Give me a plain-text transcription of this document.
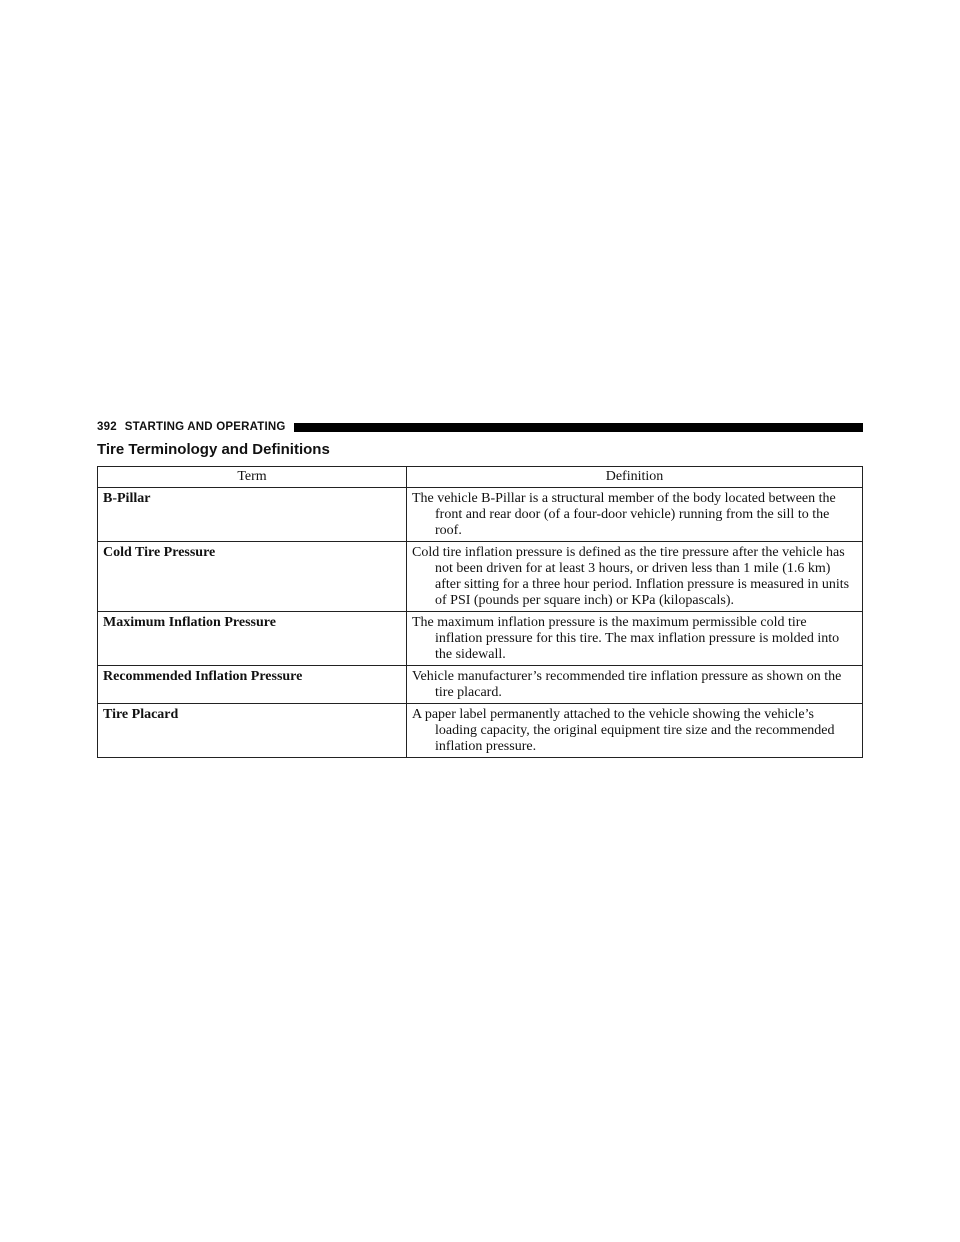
392 STARTING AND OPERATING
Tire Terminology and Definitions
Term	Definition
B-Pillar	The vehicle B-Pillar is a structural member of the body located between the front and rear door (of a four-door vehicle) running from the sill to the roof.

Cold Tire Pressure	Cold tire inflation pressure is defined as the tire pressure after the vehicle has not been driven for at least 3 hours, or driven less than 1 mile (1.6 km) after sitting for a three hour period. Inflation pressure is measured in units of PSI (pounds per square inch) or KPa (kilopascals).

Maximum Inflation Pressure	The maximum inflation pressure is the maximum permissible cold tire inflation pressure for this tire. The max inflation pressure is molded into the sidewall.

Recommended Inflation Pressure	Vehicle manufacturer’s recommended tire inflation pressure as shown on the tire placard.

Tire Placard	A paper label permanently attached to the vehicle showing the vehicle’s loading capacity, the original equipment tire size and the recommended inflation pressure.
